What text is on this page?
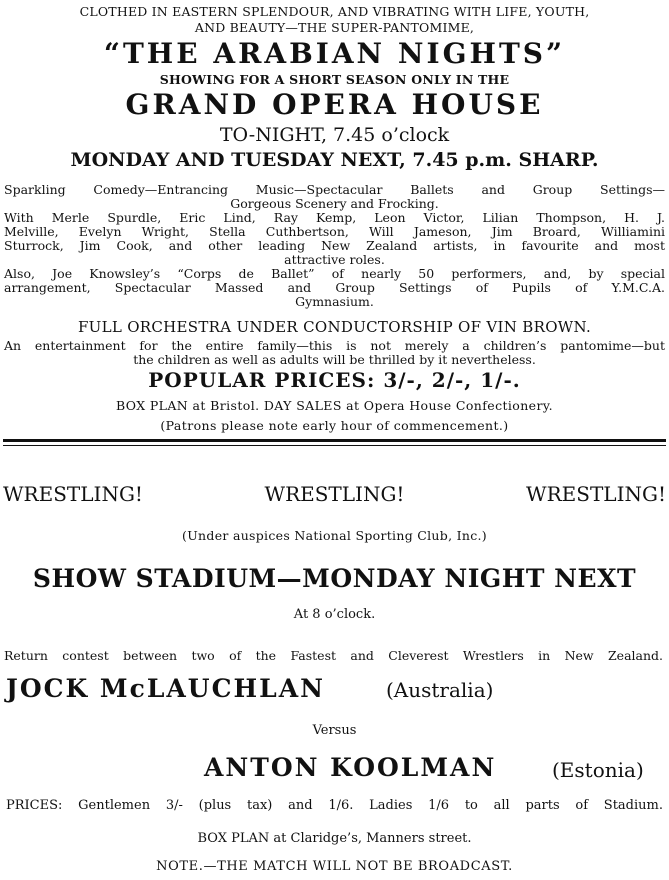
CLOTHED IN EASTERN SPLENDOUR, AND VIBRATING WITH LIFE, YOUTH,
AND BEAUTY—THE SUPER-PANTOMIME,
“THE ARABIAN NIGHTS”
SHOWING FOR A SHORT SEASON ONLY IN THE
GRAND OPERA HOUSE
TO-NIGHT, 7.45 o’clock
MONDAY AND TUESDAY NEXT, 7.45 p.m. SHARP.
Sparkling Comedy—Entrancing Music—Spectacular Ballets and Group Settings—
Gorgeous Scenery and Frocking.
With Merle Spurdle, Eric Lind, Ray Kemp, Leon Victor, Lilian Thompson, H. J.
Melville, Evelyn Wright, Stella Cuthbertson, Will Jameson, Jim Broard, Williamini
Sturrock, Jim Cook, and other leading New Zealand artists, in favourite and most
attractive roles.
Also, Joe Knowsley’s “Corps de Ballet” of nearly 50 performers, and, by special
arrangement, Spectacular Massed and Group Settings of Pupils of Y.M.C.A.
Gymnasium.
FULL ORCHESTRA UNDER CONDUCTORSHIP OF VIN BROWN.
An entertainment for the entire family—this is not merely a children’s pantomime—but
the children as well as adults will be thrilled by it nevertheless.
POPULAR PRICES: 3/-, 2/-, 1/-.
BOX PLAN at Bristol. DAY SALES at Opera House Confectionery.
(Patrons please note early hour of commencement.)
WRESTLING!	WRESTLING!	WRESTLING!
(Under auspices National Sporting Club, Inc.)
SHOW STADIUM—MONDAY NIGHT NEXT
At 8 o’clock.
Return contest between two of the Fastest and Cleverest Wrestlers in New Zealand.
JOCK McLAUCHLAN	(Australia)
Versus
ANTON KOOLMAN	(Estonia)
PRICES: Gentlemen 3/- (plus tax) and 1/6. Ladies 1/6 to all parts of Stadium.
BOX PLAN at Claridge’s, Manners street.
NOTE.—THE MATCH WILL NOT BE BROADCAST.
